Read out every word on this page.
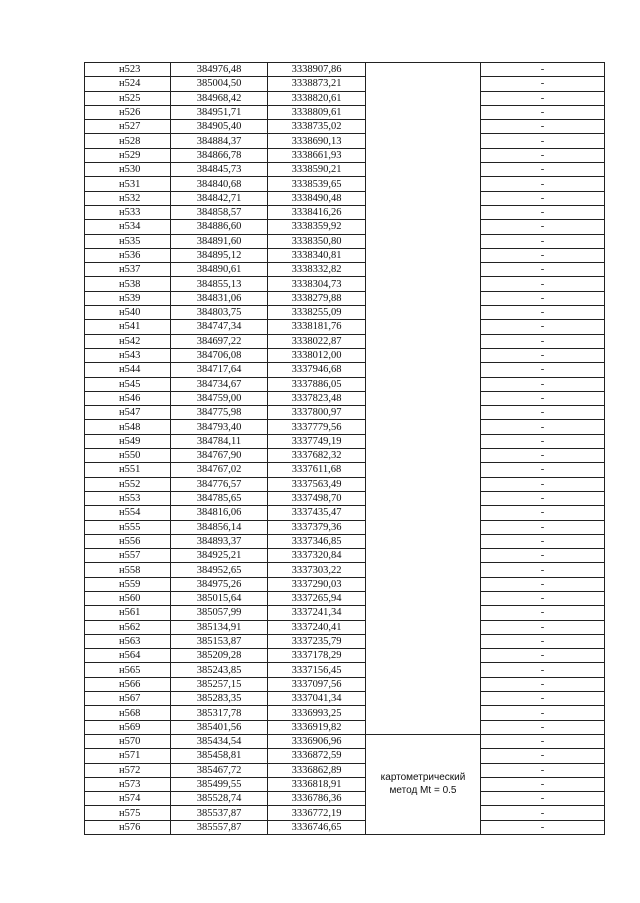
н523	384976,48	3338907,86		-
н524	385004,50	3338873,21		-
н525	384968,42	3338820,61		-
н526	384951,71	3338809,61		-
н527	384905,40	3338735,02		-
н528	384884,37	3338690,13		-
н529	384866,78	3338661,93		-
н530	384845,73	3338590,21		-
н531	384840,68	3338539,65		-
н532	384842,71	3338490,48		-
н533	384858,57	3338416,26		-
н534	384886,60	3338359,92		-
н535	384891,60	3338350,80		-
н536	384895,12	3338340,81		-
н537	384890,61	3338332,82		-
н538	384855,13	3338304,73		-
н539	384831,06	3338279,88		-
н540	384803,75	3338255,09		-
н541	384747,34	3338181,76		-
н542	384697,22	3338022,87		-
н543	384706,08	3338012,00		-
н544	384717,64	3337946,68		-
н545	384734,67	3337886,05		-
н546	384759,00	3337823,48		-
н547	384775,98	3337800,97		-
н548	384793,40	3337779,56		-
н549	384784,11	3337749,19		-
н550	384767,90	3337682,32		-
н551	384767,02	3337611,68		-
н552	384776,57	3337563,49		-
н553	384785,65	3337498,70		-
н554	384816,06	3337435,47		-
н555	384856,14	3337379,36		-
н556	384893,37	3337346,85		-
н557	384925,21	3337320,84		-
н558	384952,65	3337303,22		-
н559	384975,26	3337290,03		-
н560	385015,64	3337265,94		-
н561	385057,99	3337241,34		-
н562	385134,91	3337240,41		-
н563	385153,87	3337235,79		-
н564	385209,28	3337178,29		-
н565	385243,85	3337156,45		-
н566	385257,15	3337097,56		-
н567	385283,35	3337041,34		-
н568	385317,78	3336993,25		-
н569	385401,56	3336919,82		-
н570	385434,54	3336906,96	картометрический метод Mt = 0.5	-
н571	385458,81	3336872,59		-
н572	385467,72	3336862,89		-
н573	385499,55	3336818,91		-
н574	385528,74	3336786,36		-
н575	385537,87	3336772,19		-
н576	385557,87	3336746,65		-
